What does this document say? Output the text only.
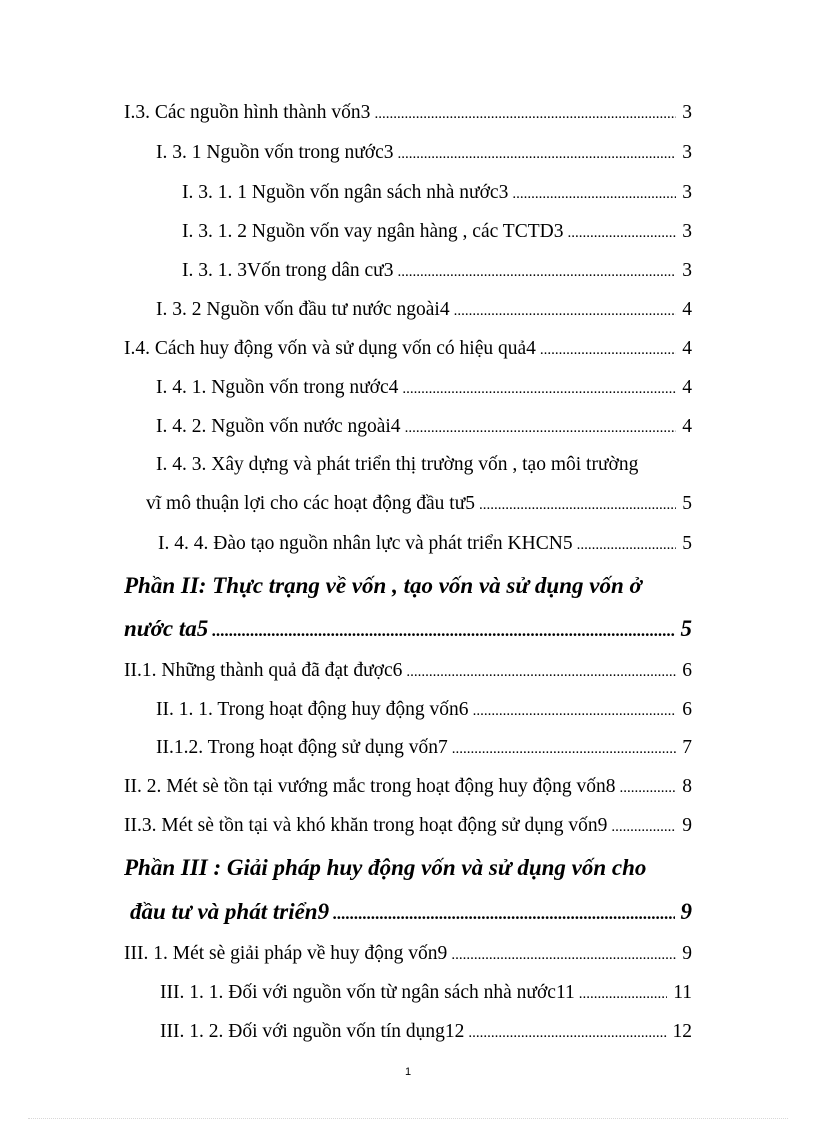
I.3. Các nguồn hình thành vốn3 .....	3
I. 3. 1 Nguồn vốn trong nước3 .....	3
I. 3. 1. 1 Nguồn vốn ngân sách nhà nước3 .....	3
I. 3. 1. 2 Nguồn vốn vay ngân hàng , các TCTD3 .....	3
I. 3. 1. 3Vốn trong dân cư3 .....	3
I. 3. 2 Nguồn vốn đầu tư nước ngoài4 .....	4
I.4. Cách huy động vốn và sử dụng vốn có hiệu quả4 .....	4
I. 4. 1. Nguồn vốn trong nước4 .....	4
I. 4. 2. Nguồn vốn nước ngoài4 .....	4
I. 4. 3. Xây dựng và phát triển thị trường vốn , tạo môi trường
vĩ mô thuận lợi cho các hoạt động đầu tư5 .....	5
I. 4. 4. Đào tạo nguồn nhân lực và phát triển KHCN5 .....	5
Phần II: Thực trạng về vốn , tạo vốn và sử dụng vốn ở
nước ta5 .....	5
II.1. Những thành quả đã đạt được6 .....	6
II. 1. 1. Trong hoạt động huy động vốn6 .....	6
II.1.2. Trong hoạt động sử dụng vốn7 .....	7
II. 2. Mét sè tồn tại vướng mắc trong hoạt động huy động vốn8 .....	8
II.3. Mét sè tồn tại và khó khăn trong hoạt động sử dụng vốn9 .....	9
Phần III : Giải pháp huy động vốn và sử dụng vốn cho
đầu tư và phát triển9 .....	9
III. 1. Mét sè giải pháp về huy động vốn9 .....	9
III. 1. 1. Đối với nguồn vốn từ ngân sách nhà nước11 .....	11
III. 1. 2. Đối với nguồn vốn tín dụng12 .....	12
1
